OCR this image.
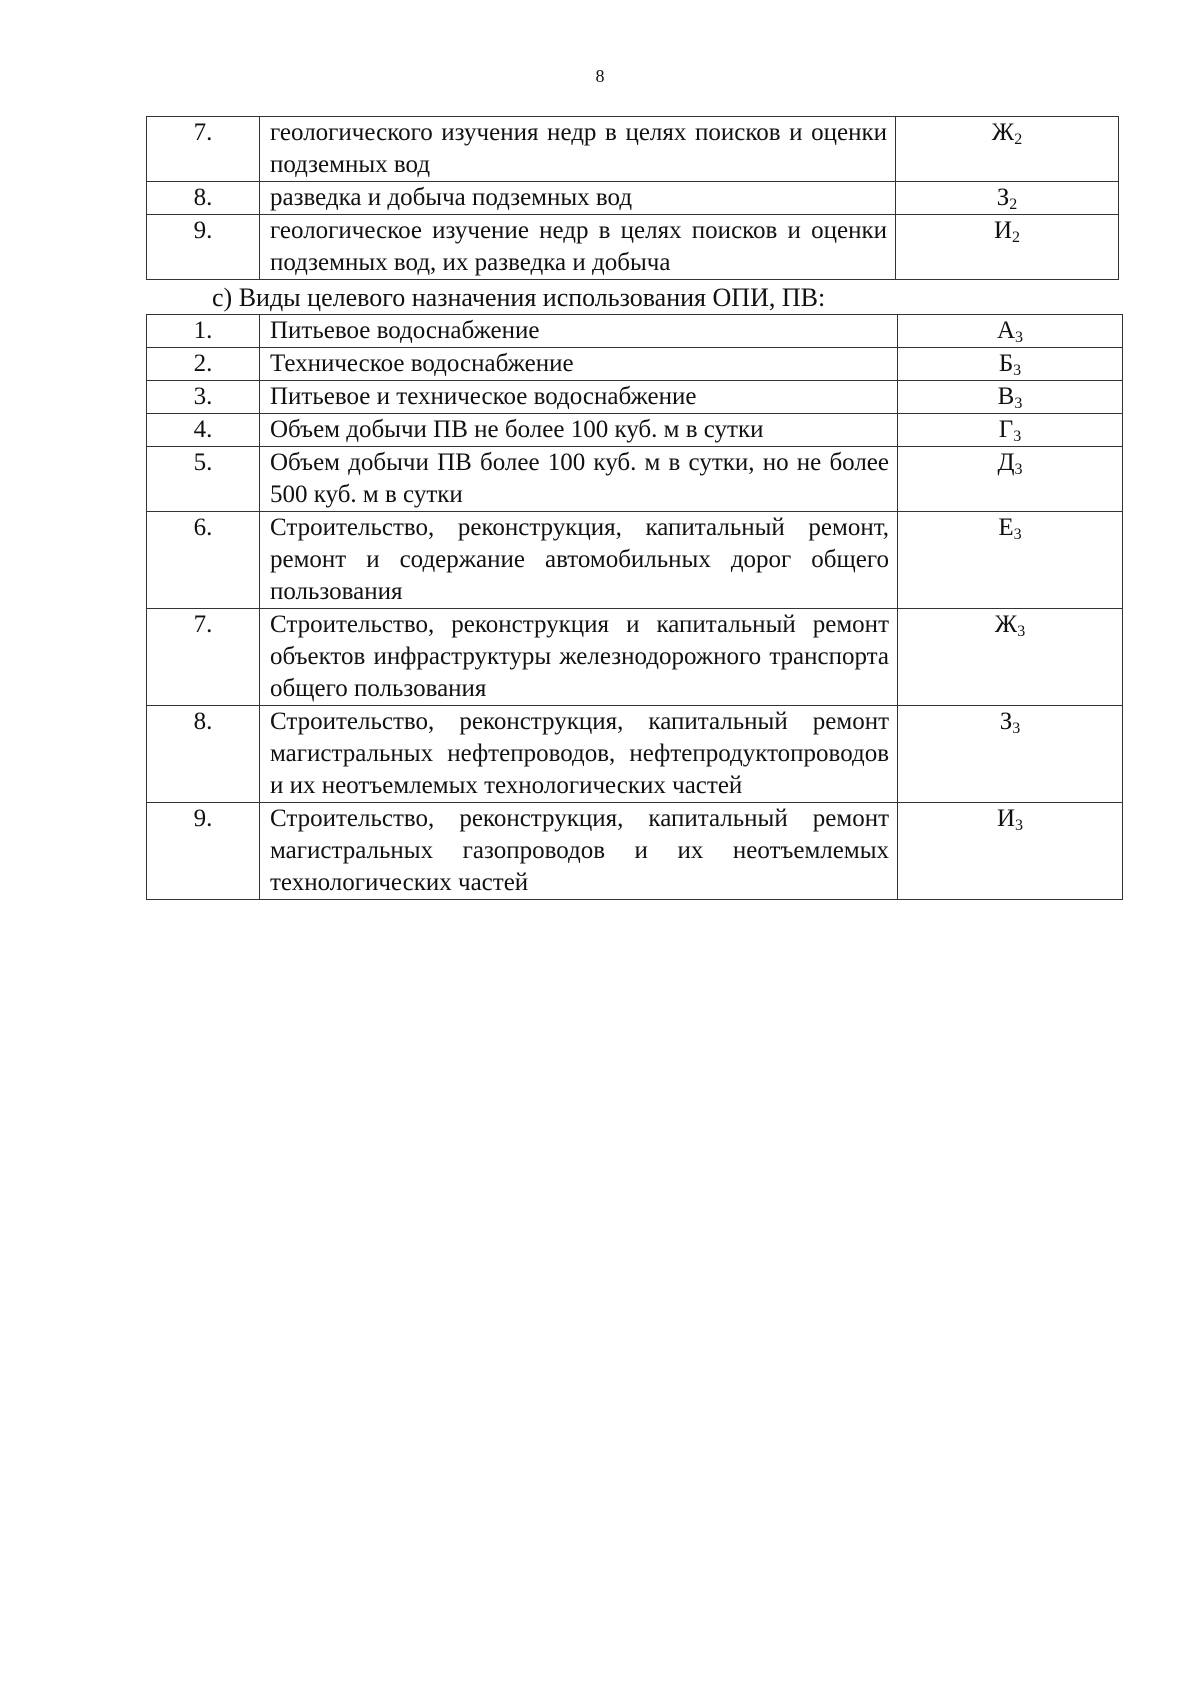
8
7.	геологического изучения недр в целях поисков и оценки подземных вод	$Ж_2$
8.	разведка и добыча подземных вод	$З_2$
9.	геологическое изучение недр в целях поисков и оценки подземных вод, их разведка и добыча	$И_2$
с) Виды целевого назначения использования ОПИ, ПВ:
1.	Питьевое водоснабжение	$А_3$
2.	Техническое водоснабжение	$Б_3$
3.	Питьевое и техническое водоснабжение	$В_3$
4.	Объем добычи ПВ не более 100 куб. м в сутки	$Г_3$
5.	Объем добычи ПВ более 100 куб. м в сутки, но не более 500 куб. м в сутки	$Д_3$
6.	Строительство, реконструкция, капитальный ремонт, ремонт и содержание автомобильных дорог общего пользования	$Е_3$
7.	Строительство, реконструкция и капитальный ремонт объектов инфраструктуры железнодорожного транспорта общего пользования	$Ж_3$
8.	Строительство, реконструкция, капитальный ремонт магистральных нефтепроводов, нефтепродуктопроводов и их неотъемлемых технологических частей	$З_3$
9.	Строительство, реконструкция, капитальный ремонт магистральных газопроводов и их неотъемлемых технологических частей	$И_3$
